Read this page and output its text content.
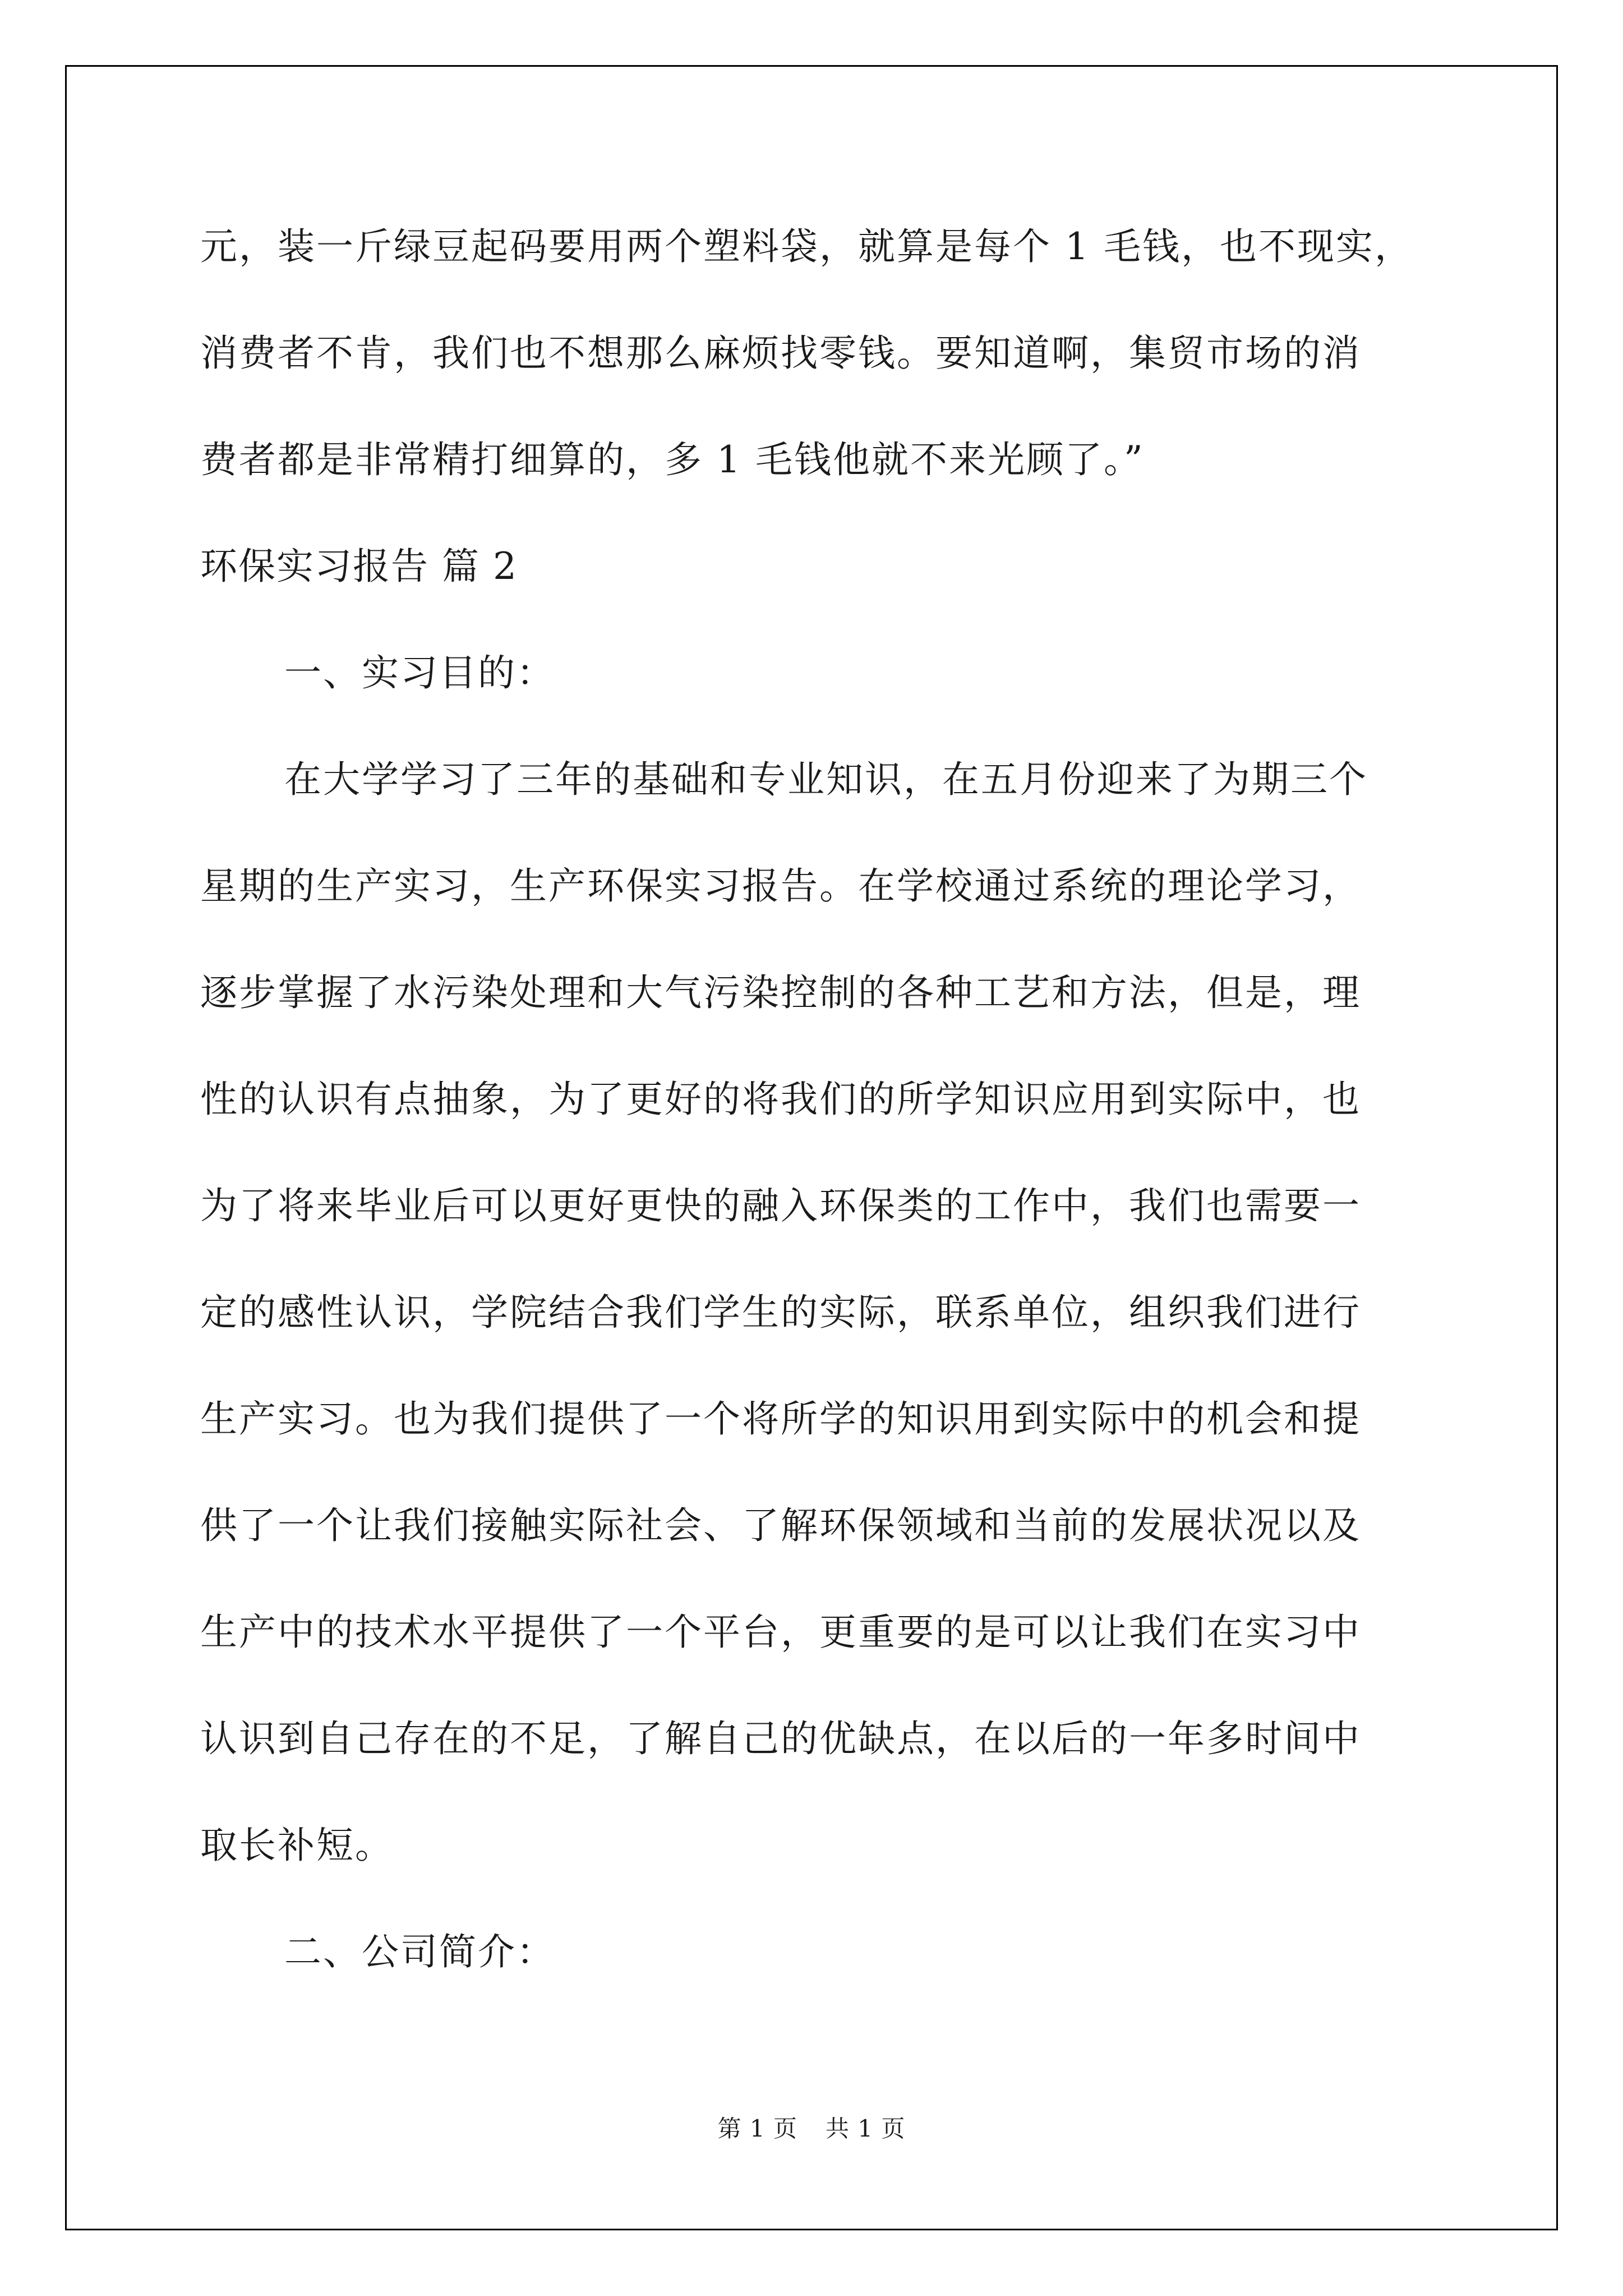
元，装一斤绿豆起码要用两个塑料袋，就算是每个 1 毛钱，也不现实，
消费者不肯，我们也不想那么麻烦找零钱。要知道啊，集贸市场的消
费者都是非常精打细算的，多 1 毛钱他就不来光顾了。”
环保实习报告 篇 2
一、实习目的：
在大学学习了三年的基础和专业知识，在五月份迎来了为期三个
星期的生产实习，生产环保实习报告。在学校通过系统的理论学习，
逐步掌握了水污染处理和大气污染控制的各种工艺和方法，但是，理
性的认识有点抽象，为了更好的将我们的所学知识应用到实际中，也
为了将来毕业后可以更好更快的融入环保类的工作中，我们也需要一
定的感性认识，学院结合我们学生的实际，联系单位，组织我们进行
生产实习。也为我们提供了一个将所学的知识用到实际中的机会和提
供了一个让我们接触实际社会、了解环保领域和当前的发展状况以及
生产中的技术水平提供了一个平台，更重要的是可以让我们在实习中
认识到自己存在的不足，了解自己的优缺点，在以后的一年多时间中
取长补短。
二、公司简介：
第 1 页 共 1 页
